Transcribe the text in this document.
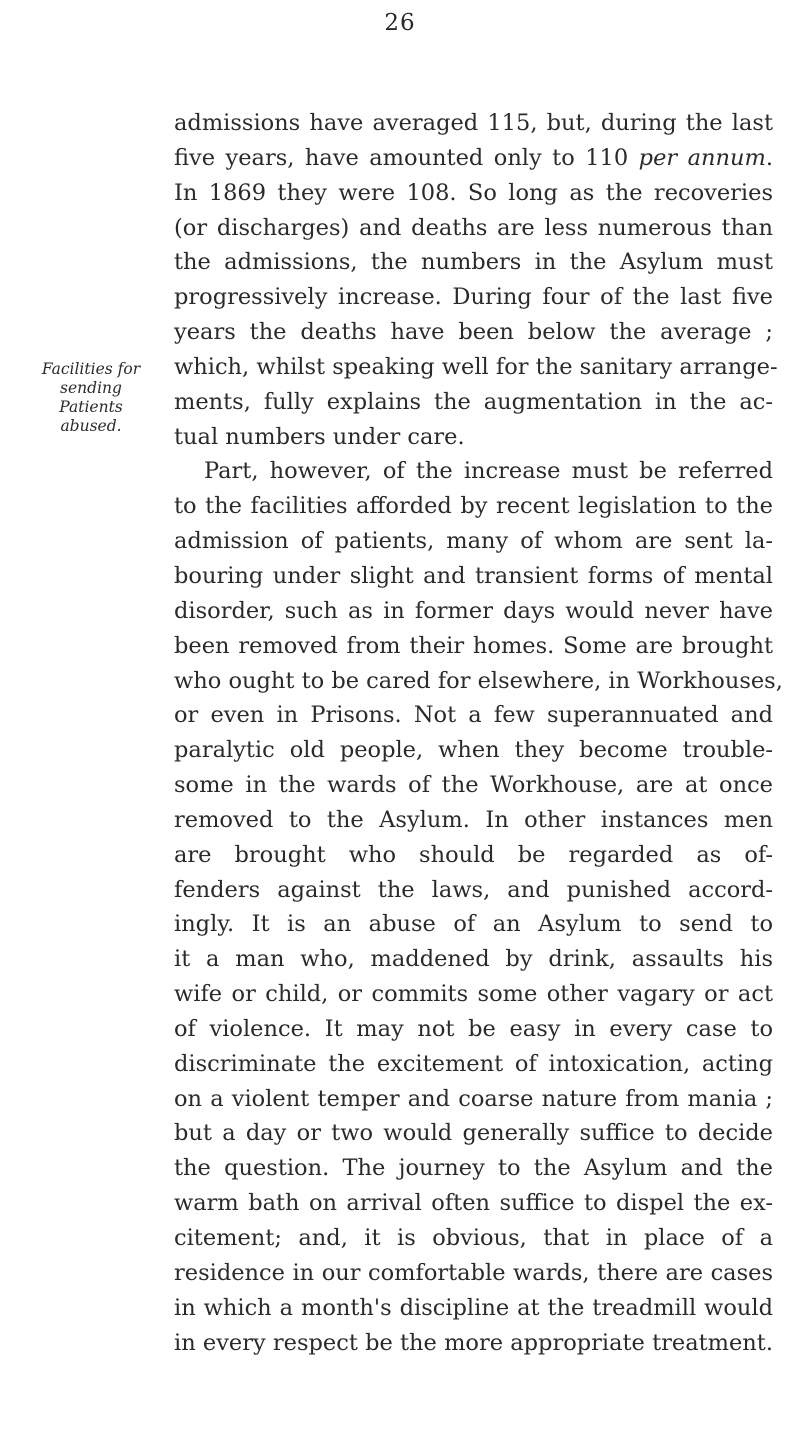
26
Facilities for
sending
Patients
abused.
admissions have averaged 115, but, during the last
five years, have amounted only to 110 per annum.
In 1869 they were 108. So long as the recoveries
(or discharges) and deaths are less numerous than
the admissions, the numbers in the Asylum must
progressively increase. During four of the last five
years the deaths have been below the average ;
which, whilst speaking well for the sanitary arrange-
ments, fully explains the augmentation in the ac-
tual numbers under care.
Part, however, of the increase must be referred
to the facilities afforded by recent legislation to the
admission of patients, many of whom are sent la-
bouring under slight and transient forms of mental
disorder, such as in former days would never have
been removed from their homes. Some are brought
who ought to be cared for elsewhere, in Workhouses,
or even in Prisons. Not a few superannuated and
paralytic old people, when they become trouble-
some in the wards of the Workhouse, are at once
removed to the Asylum. In other instances men
are brought who should be regarded as of-
fenders against the laws, and punished accord-
ingly. It is an abuse of an Asylum to send to
it a man who, maddened by drink, assaults his
wife or child, or commits some other vagary or act
of violence. It may not be easy in every case to
discriminate the excitement of intoxication, acting
on a violent temper and coarse nature from mania ;
but a day or two would generally suffice to decide
the question. The journey to the Asylum and the
warm bath on arrival often suffice to dispel the ex-
citement; and, it is obvious, that in place of a
residence in our comfortable wards, there are cases
in which a month's discipline at the treadmill would
in every respect be the more appropriate treatment.
